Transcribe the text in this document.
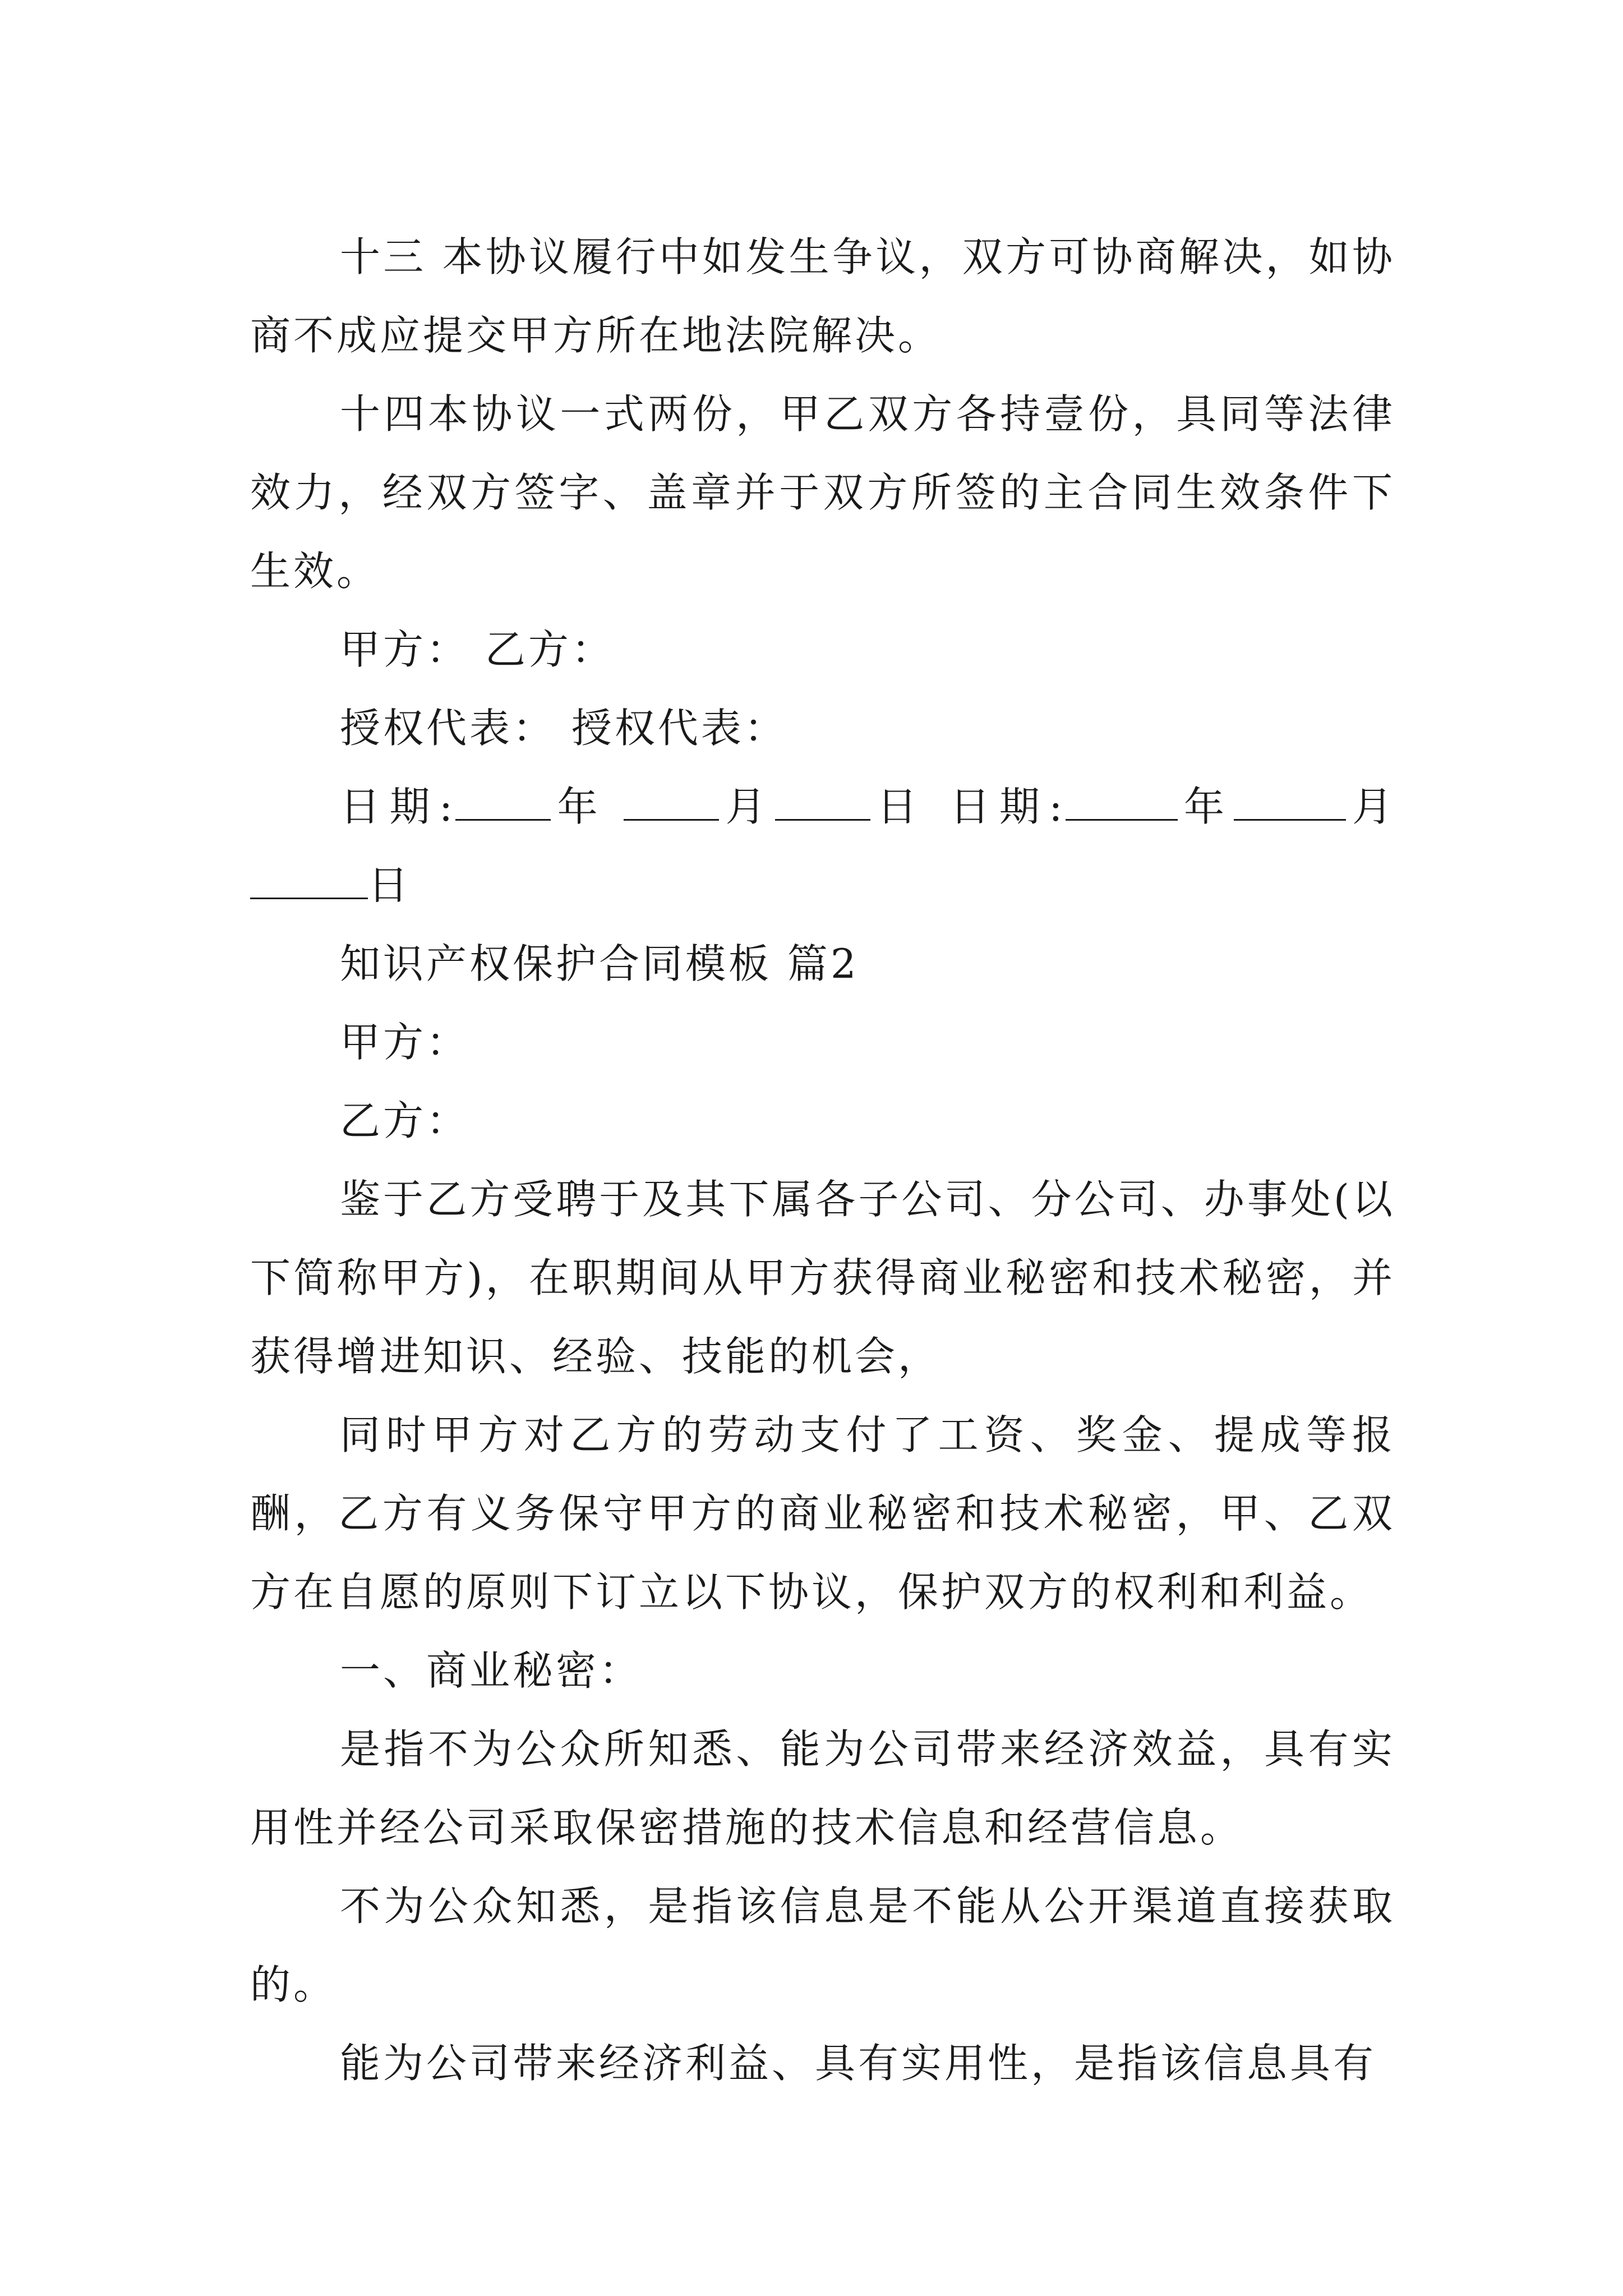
十三 本协议履行中如发生争议，双方可协商解决，如协商不成应提交甲方所在地法院解决。

十四本协议一式两份，甲乙双方各持壹份，具同等法律效力，经双方签字、盖章并于双方所签的主合同生效条件下生效。

甲方： 乙方：

授权代表： 授权代表：

日期: 年	月 日 日期:	年	月日

知识产权保护合同模板 篇2

甲方：

乙方：

鉴于乙方受聘于及其下属各子公司、分公司、办事处(以下简称甲方)，在职期间从甲方获得商业秘密和技术秘密，并获得增进知识、经验、技能的机会，

同时甲方对乙方的劳动支付了工资、奖金、提成等报酬，乙方有义务保守甲方的商业秘密和技术秘密，甲、乙双方在自愿的原则下订立以下协议，保护双方的权利和利益。

一、商业秘密：

是指不为公众所知悉、能为公司带来经济效益，具有实用性并经公司采取保密措施的技术信息和经营信息。

不为公众知悉，是指该信息是不能从公开渠道直接获取的。

能为公司带来经济利益、具有实用性，是指该信息具有
